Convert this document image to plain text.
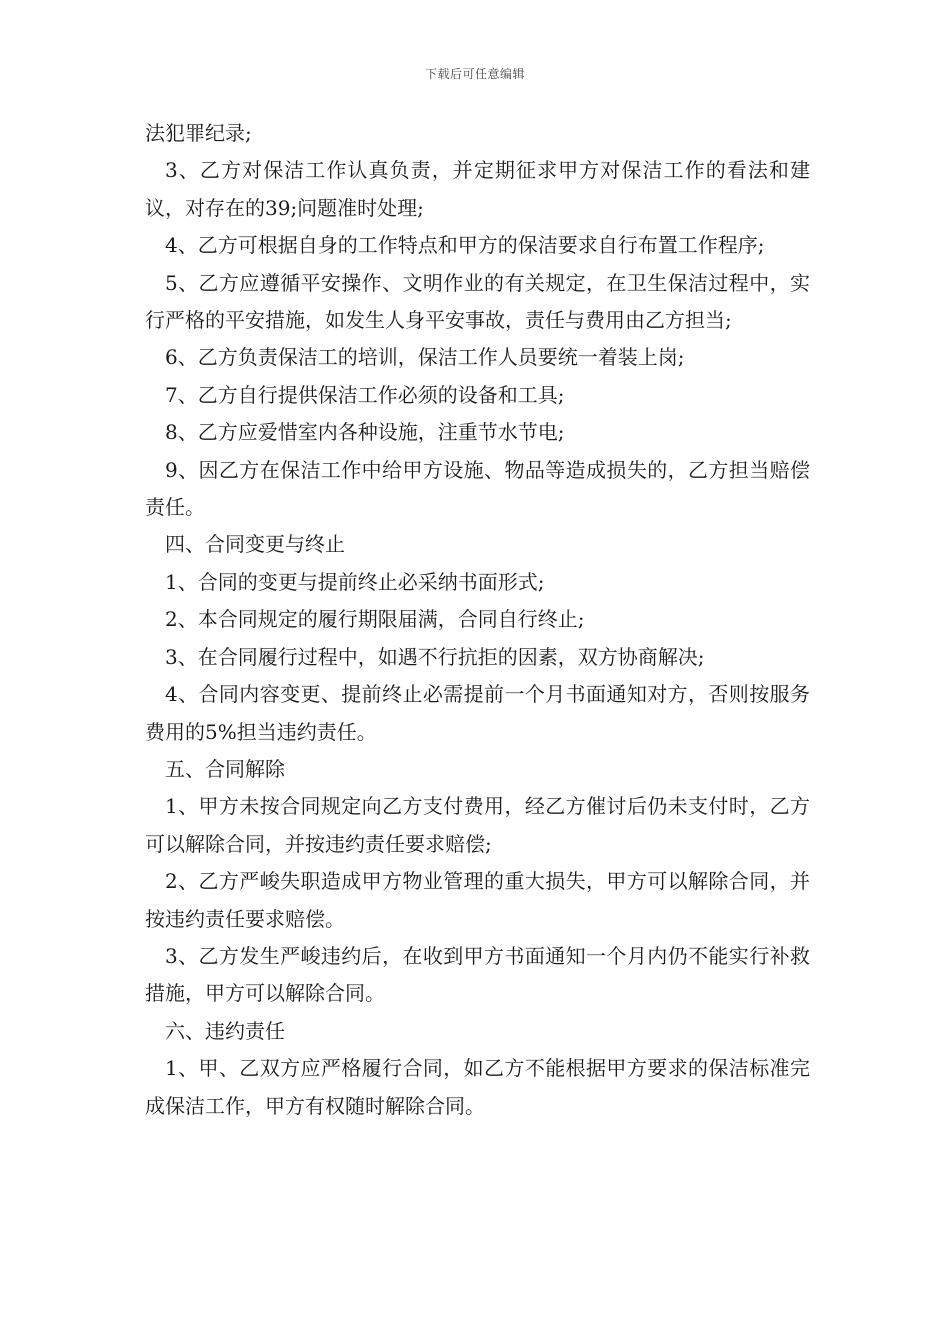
下载后可任意编辑

法犯罪纪录;

3、乙方对保洁工作认真负责，并定期征求甲方对保洁工作的看法和建议，对存在的39;问题准时处理;

4、乙方可根据自身的工作特点和甲方的保洁要求自行布置工作程序;

5、乙方应遵循平安操作、文明作业的有关规定，在卫生保洁过程中，实行严格的平安措施，如发生人身平安事故，责任与费用由乙方担当;

6、乙方负责保洁工的培训，保洁工作人员要统一着装上岗;

7、乙方自行提供保洁工作必须的设备和工具;

8、乙方应爱惜室内各种设施，注重节水节电;

9、因乙方在保洁工作中给甲方设施、物品等造成损失的，乙方担当赔偿责任。

四、合同变更与终止

1、合同的变更与提前终止必采纳书面形式;

2、本合同规定的履行期限届满，合同自行终止;

3、在合同履行过程中，如遇不行抗拒的因素，双方协商解决;

4、合同内容变更、提前终止必需提前一个月书面通知对方，否则按服务费用的5%担当违约责任。

五、合同解除

1、甲方未按合同规定向乙方支付费用，经乙方催讨后仍未支付时，乙方可以解除合同，并按违约责任要求赔偿;

2、乙方严峻失职造成甲方物业管理的重大损失，甲方可以解除合同，并按违约责任要求赔偿。

3、乙方发生严峻违约后，在收到甲方书面通知一个月内仍不能实行补救措施，甲方可以解除合同。

六、违约责任

1、甲、乙双方应严格履行合同，如乙方不能根据甲方要求的保洁标准完成保洁工作，甲方有权随时解除合同。
